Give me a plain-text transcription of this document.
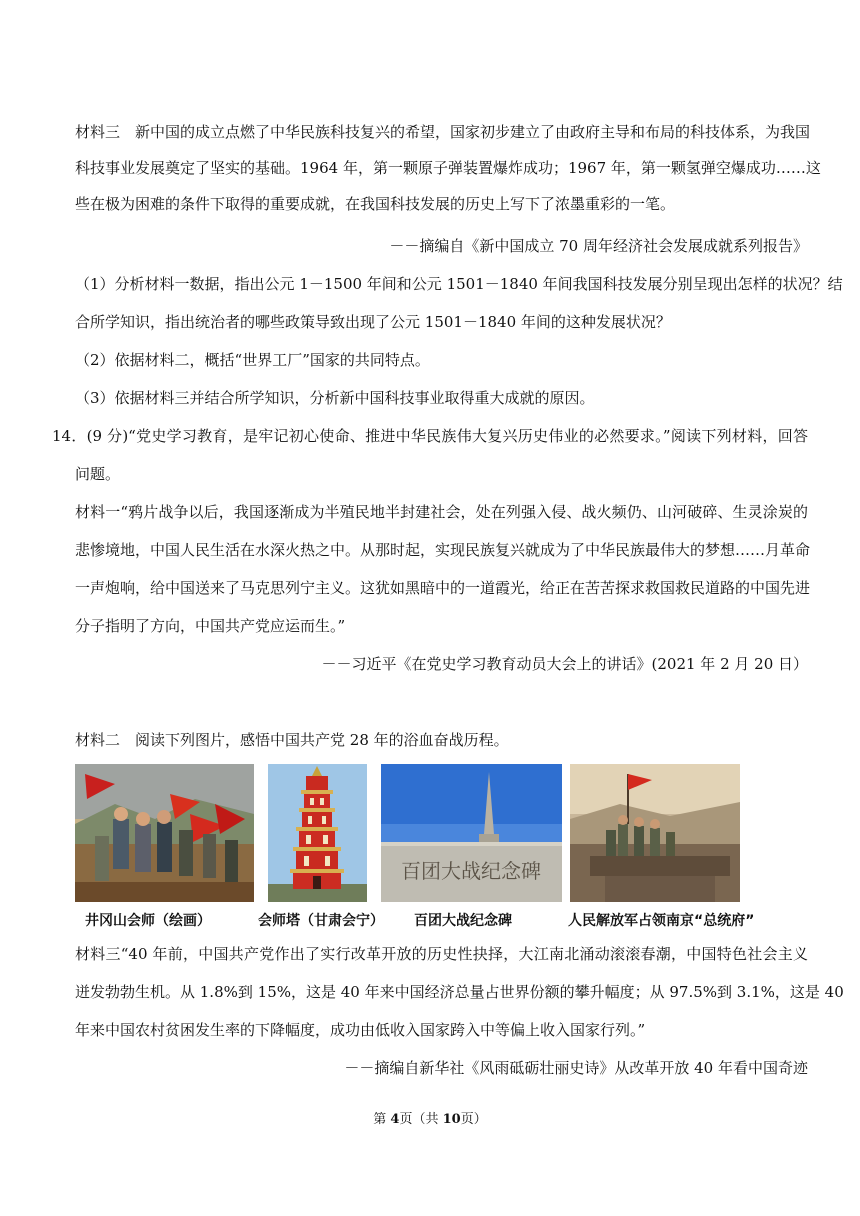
材料三　新中国的成立点燃了中华民族科技复兴的希望，国家初步建立了由政府主导和布局的科技体系，为我国
科技事业发展奠定了坚实的基础。1964 年，第一颗原子弹装置爆炸成功；1967 年，第一颗氢弹空爆成功……这
些在极为困难的条件下取得的重要成就，在我国科技发展的历史上写下了浓墨重彩的一笔。
－－摘编自《新中国成立 70 周年经济社会发展成就系列报告》
（1）分析材料一数据，指出公元 1－1500 年间和公元 1501－1840 年间我国科技发展分别呈现出怎样的状况？结
合所学知识，指出统治者的哪些政策导致出现了公元 1501－1840 年间的这种发展状况？
（2）依据材料二，概括“世界工厂”国家的共同特点。
（3）依据材料三并结合所学知识，分析新中国科技事业取得重大成就的原因。
14．(9 分)“党史学习教育，是牢记初心使命、推进中华民族伟大复兴历史伟业的必然要求。”阅读下列材料，回答
问题。
材料一“鸦片战争以后，我国逐渐成为半殖民地半封建社会，处在列强入侵、战火频仍、山河破碎、生灵涂炭的
悲惨境地，中国人民生活在水深火热之中。从那时起，实现民族复兴就成为了中华民族最伟大的梦想……月革命
一声炮响，给中国送来了马克思列宁主义。这犹如黑暗中的一道霞光，给正在苦苦探求救国救民道路的中国先进
分子指明了方向，中国共产党应运而生。”
－－习近平《在党史学习教育动员大会上的讲话》(2021 年 2 月 20 日）
材料二　阅读下列图片，感悟中国共产党 28 年的浴血奋战历程。
井冈山会师（绘画）	会师塔（甘肃会宁）
百团大战纪念碑
百团大战纪念碑	人民解放军占领南京“总统府”
材料三“40 年前，中国共产党作出了实行改革开放的历史性抉择，大江南北涌动滚滚春潮，中国特色社会主义
迸发勃勃生机。从 1.8%到 15%，这是 40 年来中国经济总量占世界份额的攀升幅度；从 97.5%到 3.1%，这是 40
年来中国农村贫困发生率的下降幅度，成功由低收入国家跨入中等偏上收入国家行列。”
－－摘编自新华社《风雨砥砺壮丽史诗》从改革开放 40 年看中国奇迹
第 4页（共 10页）
